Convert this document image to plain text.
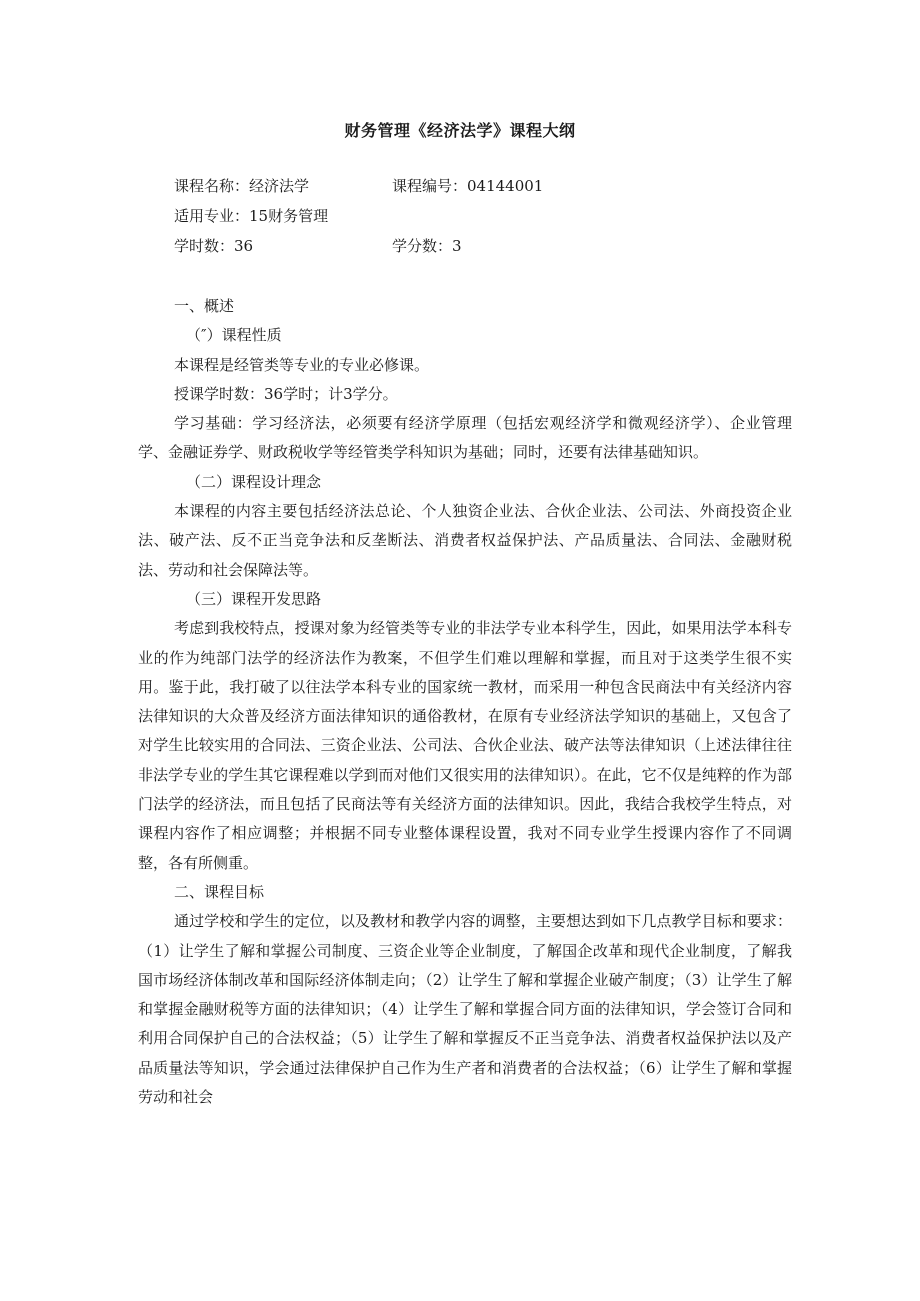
财务管理《经济法学》课程大纲
课程名称：经济法学	课程编号：04144001
适用专业：15财务管理
学时数：36	学分数：3

一、概述

（″）课程性质

本课程是经管类等专业的专业必修课。

授课学时数：36学时；计3学分。

学习基础：学习经济法，必须要有经济学原理（包括宏观经济学和微观经济学）、企业管理学、金融证券学、财政税收学等经管类学科知识为基础；同时，还要有法律基础知识。

（二）课程设计理念

本课程的内容主要包括经济法总论、个人独资企业法、合伙企业法、公司法、外商投资企业法、破产法、反不正当竞争法和反垄断法、消费者权益保护法、产品质量法、合同法、金融财税法、劳动和社会保障法等。

（三）课程开发思路

考虑到我校特点，授课对象为经管类等专业的非法学专业本科学生，因此，如果用法学本科专业的作为纯部门法学的经济法作为教案，不但学生们难以理解和掌握，而且对于这类学生很不实用。鉴于此，我打破了以往法学本科专业的国家统一教材，而采用一种包含民商法中有关经济内容法律知识的大众普及经济方面法律知识的通俗教材，在原有专业经济法学知识的基础上，又包含了对学生比较实用的合同法、三资企业法、公司法、合伙企业法、破产法等法律知识（上述法律往往非法学专业的学生其它课程难以学到而对他们又很实用的法律知识）。在此，它不仅是纯粹的作为部门法学的经济法，而且包括了民商法等有关经济方面的法律知识。因此，我结合我校学生特点，对课程内容作了相应调整；并根据不同专业整体课程设置，我对不同专业学生授课内容作了不同调整，各有所侧重。

二、课程目标

通过学校和学生的定位，以及教材和教学内容的调整，主要想达到如下几点教学目标和要求：（1）让学生了解和掌握公司制度、三资企业等企业制度，了解国企改革和现代企业制度，了解我国市场经济体制改革和国际经济体制走向；（2）让学生了解和掌握企业破产制度；（3）让学生了解和掌握金融财税等方面的法律知识；（4）让学生了解和掌握合同方面的法律知识，学会签订合同和利用合同保护自己的合法权益；（5）让学生了解和掌握反不正当竞争法、消费者权益保护法以及产品质量法等知识，学会通过法律保护自己作为生产者和消费者的合法权益；（6）让学生了解和掌握劳动和社会
